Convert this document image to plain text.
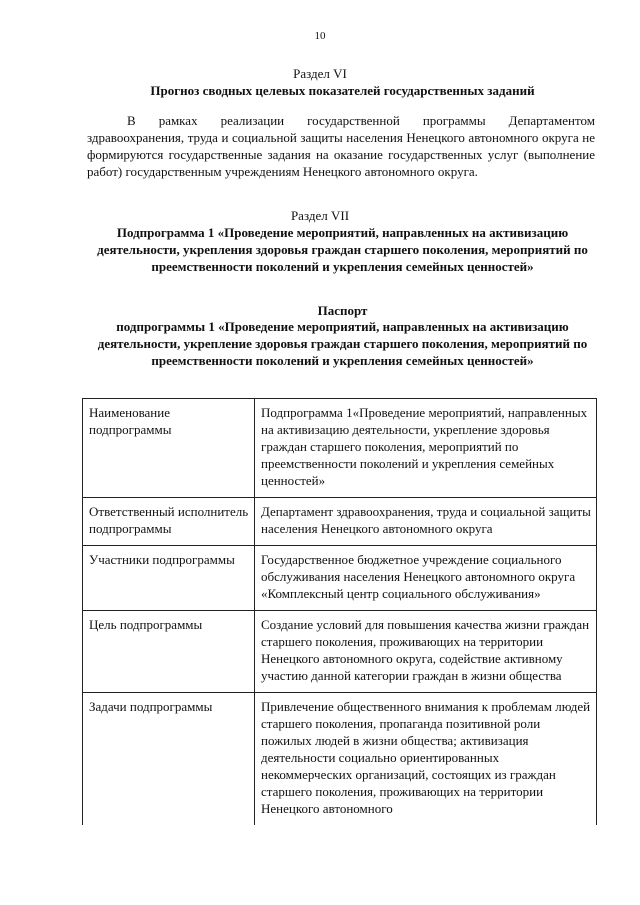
10
Раздел VI
Прогноз сводных целевых показателей государственных заданий
В рамках реализации государственной программы Департаментом здравоохранения, труда и социальной защиты населения Ненецкого автономного округа не формируются государственные задания на оказание государственных услуг (выполнение работ) государственным учреждениям Ненецкого автономного округа.
Раздел VII
Подпрограмма 1 «Проведение мероприятий, направленных на активизацию деятельности, укрепления здоровья граждан старшего поколения, мероприятий по преемственности поколений и укрепления семейных ценностей»
Паспорт
подпрограммы 1 «Проведение мероприятий, направленных на активизацию деятельности, укрепление здоровья граждан старшего поколения, мероприятий по преемственности поколений и укрепления семейных ценностей»
Наименование подпрограммы	Подпрограмма 1«Проведение мероприятий, направленных на активизацию деятельности, укрепление здоровья граждан старшего поколения, мероприятий по преемственности поколений и укрепления семейных ценностей»
Ответственный исполнитель подпрограммы	Департамент здравоохранения, труда и социальной защиты населения Ненецкого автономного округа
Участники подпрограммы	Государственное бюджетное учреждение социального обслуживания населения Ненецкого автономного округа «Комплексный центр социального обслуживания»
Цель подпрограммы	Создание условий для повышения качества жизни граждан старшего поколения, проживающих на территории Ненецкого автономного округа, содействие активному участию данной категории граждан в жизни общества
Задачи подпрограммы	Привлечение общественного внимания к проблемам людей старшего поколения, пропаганда позитивной роли пожилых людей в жизни общества; активизация деятельности социально ориентированных некоммерческих организаций, состоящих из граждан старшего поколения, проживающих на территории Ненецкого автономного
